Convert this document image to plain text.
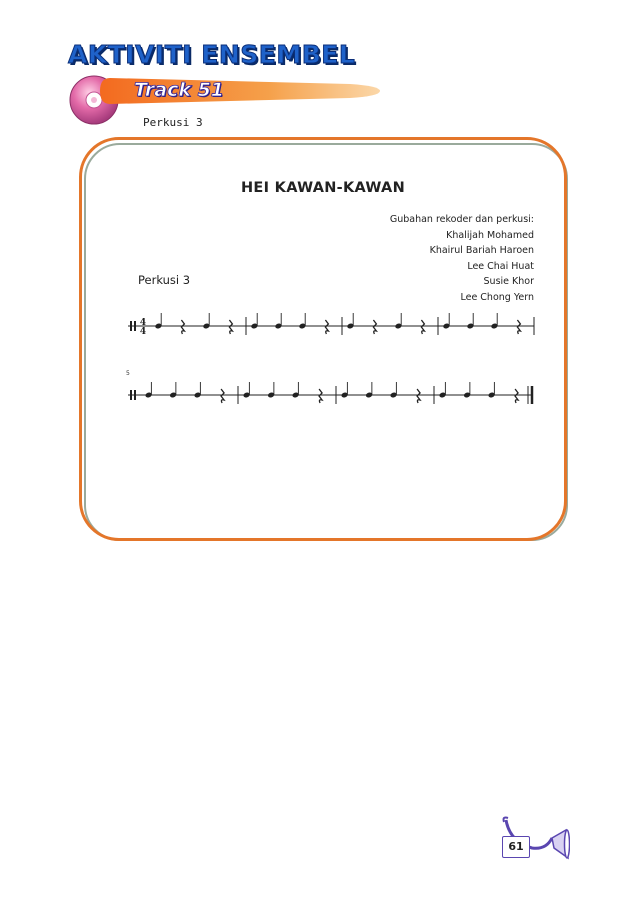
AKTIVITI ENSEMBEL
Track 51
Perkusi 3
HEI KAWAN-KAWAN
Gubahan rekoder dan perkusi:
Khalijah Mohamed
Khairul Bariah Haroen
Lee Chai Huat
Susie Khor
Lee Chong Yern
Perkusi 3
5
4
4
61
